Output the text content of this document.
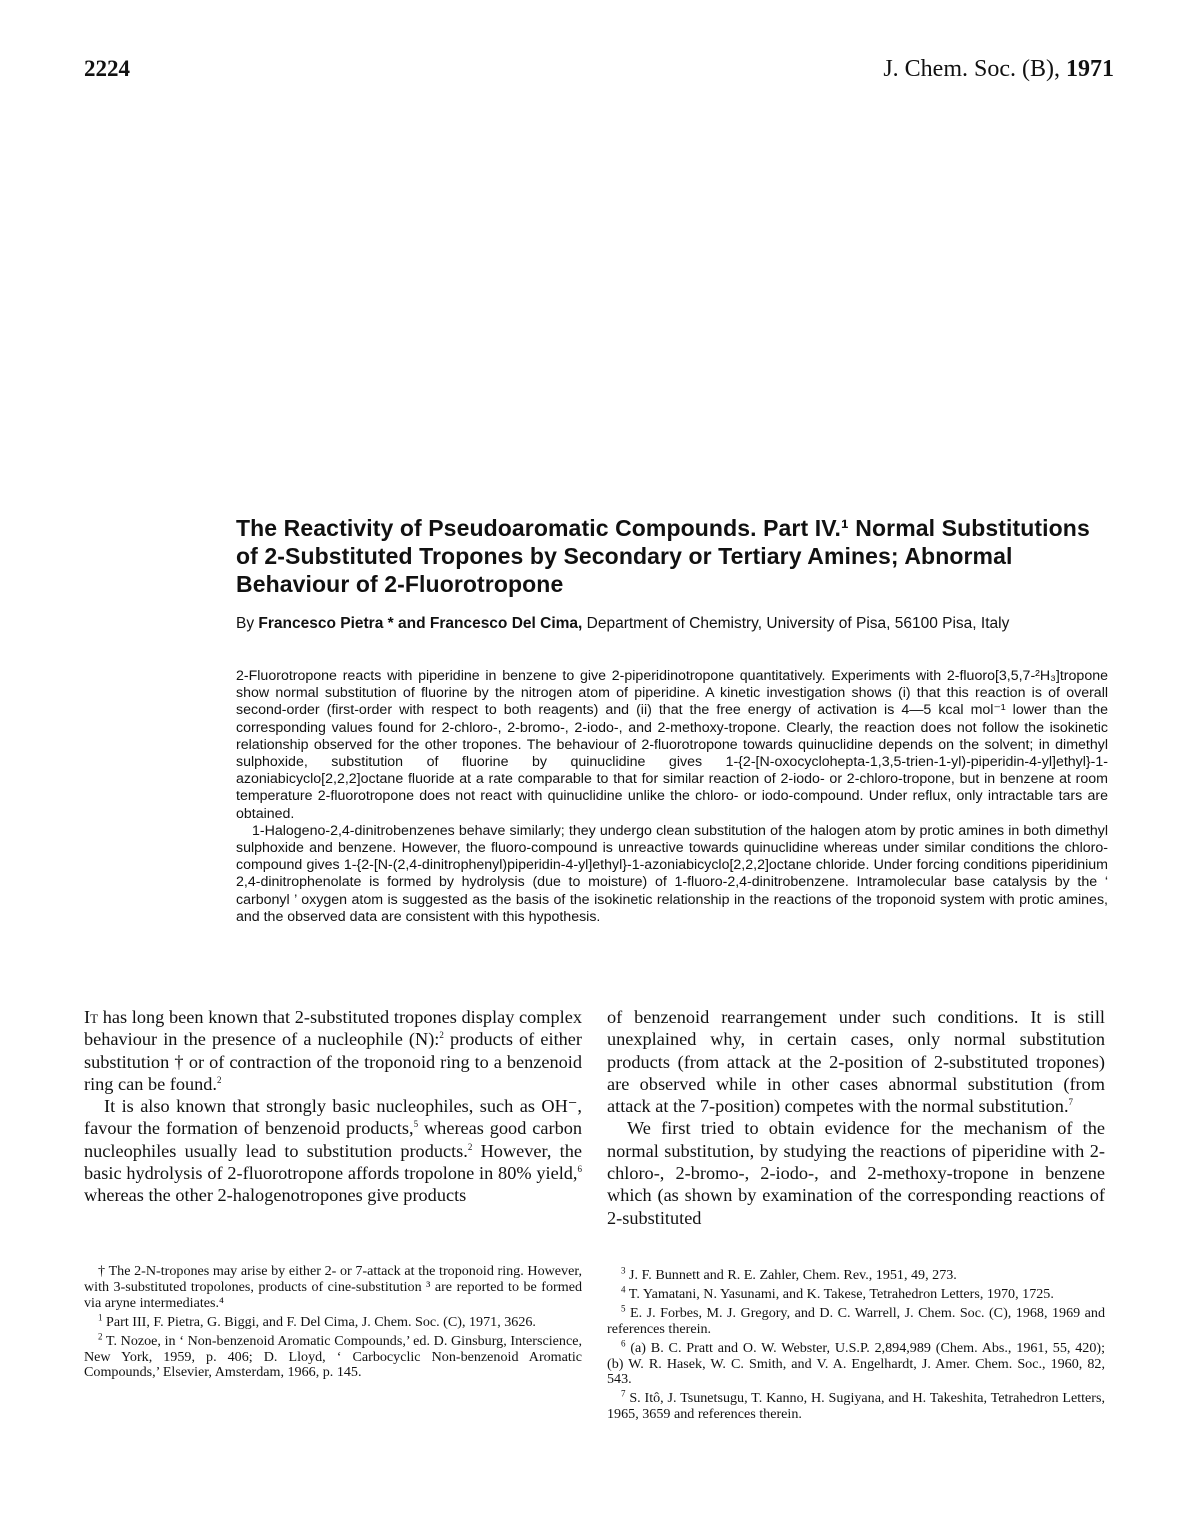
2224	J. Chem. Soc. (B), 1971
The Reactivity of Pseudoaromatic Compounds. Part IV.¹ Normal Substitutions of 2-Substituted Tropones by Secondary or Tertiary Amines; Abnormal Behaviour of 2-Fluorotropone
By Francesco Pietra * and Francesco Del Cima, Department of Chemistry, University of Pisa, 56100 Pisa, Italy

2-Fluorotropone reacts with piperidine in benzene to give 2-piperidinotropone quantitatively. Experiments with 2-fluoro[3,5,7-²H₃]tropone show normal substitution of fluorine by the nitrogen atom of piperidine. A kinetic investigation shows (i) that this reaction is of overall second-order (first-order with respect to both reagents) and (ii) that the free energy of activation is 4—5 kcal mol⁻¹ lower than the corresponding values found for 2-chloro-, 2-bromo-, 2-iodo-, and 2-methoxy-tropone. Clearly, the reaction does not follow the isokinetic relationship observed for the other tropones. The behaviour of 2-fluorotropone towards quinuclidine depends on the solvent; in dimethyl sulphoxide, substitution of fluorine by quinuclidine gives 1-{2-[N-oxocyclohepta-1,3,5-trien-1-yl)-piperidin-4-yl]ethyl}-1-azoniabicyclo[2,2,2]octane fluoride at a rate comparable to that for similar reaction of 2-iodo- or 2-chloro-tropone, but in benzene at room temperature 2-fluorotropone does not react with quinuclidine unlike the chloro- or iodo-compound. Under reflux, only intractable tars are obtained.

1-Halogeno-2,4-dinitrobenzenes behave similarly; they undergo clean substitution of the halogen atom by protic amines in both dimethyl sulphoxide and benzene. However, the fluoro-compound is unreactive towards quinuclidine whereas under similar conditions the chloro-compound gives 1-{2-[N-(2,4-dinitrophenyl)piperidin-4-yl]ethyl}-1-azoniabicyclo[2,2,2]octane chloride. Under forcing conditions piperidinium 2,4-dinitrophenolate is formed by hydrolysis (due to moisture) of 1-fluoro-2,4-dinitrobenzene. Intramolecular base catalysis by the ‘ carbonyl ’ oxygen atom is suggested as the basis of the isokinetic relationship in the reactions of the troponoid system with protic amines, and the observed data are consistent with this hypothesis.

It has long been known that 2-substituted tropones display complex behaviour in the presence of a nucleophile (N):$^2$ products of either substitution † or of contraction of the troponoid ring to a benzenoid ring can be found.$^2$

It is also known that strongly basic nucleophiles, such as OH⁻, favour the formation of benzenoid products,$^5$ whereas good carbon nucleophiles usually lead to substitution products.$^2$ However, the basic hydrolysis of 2-fluorotropone affords tropolone in 80% yield,$^6$ whereas the other 2-halogenotropones give products

of benzenoid rearrangement under such conditions. It is still unexplained why, in certain cases, only normal substitution products (from attack at the 2-position of 2-substituted tropones) are observed while in other cases abnormal substitution (from attack at the 7-position) competes with the normal substitution.$^7$

We first tried to obtain evidence for the mechanism of the normal substitution, by studying the reactions of piperidine with 2-chloro-, 2-bromo-, 2-iodo-, and 2-methoxy-tropone in benzene which (as shown by examination of the corresponding reactions of 2-substituted

† The 2-N-tropones may arise by either 2- or 7-attack at the troponoid ring. However, with 3-substituted tropolones, products of cine-substitution ³ are reported to be formed via aryne intermediates.⁴

$^1$ Part III, F. Pietra, G. Biggi, and F. Del Cima, J. Chem. Soc. (C), 1971, 3626.

$^2$ T. Nozoe, in ‘ Non-benzenoid Aromatic Compounds,’ ed. D. Ginsburg, Interscience, New York, 1959, p. 406; D. Lloyd, ‘ Carbocyclic Non-benzenoid Aromatic Compounds,’ Elsevier, Amsterdam, 1966, p. 145.

$^3$ J. F. Bunnett and R. E. Zahler, Chem. Rev., 1951, 49, 273.

$^4$ T. Yamatani, N. Yasunami, and K. Takese, Tetrahedron Letters, 1970, 1725.

$^5$ E. J. Forbes, M. J. Gregory, and D. C. Warrell, J. Chem. Soc. (C), 1968, 1969 and references therein.

$^6$ (a) B. C. Pratt and O. W. Webster, U.S.P. 2,894,989 (Chem. Abs., 1961, 55, 420); (b) W. R. Hasek, W. C. Smith, and V. A. Engelhardt, J. Amer. Chem. Soc., 1960, 82, 543.

$^7$ S. Itô, J. Tsunetsugu, T. Kanno, H. Sugiyana, and H. Takeshita, Tetrahedron Letters, 1965, 3659 and references therein.
